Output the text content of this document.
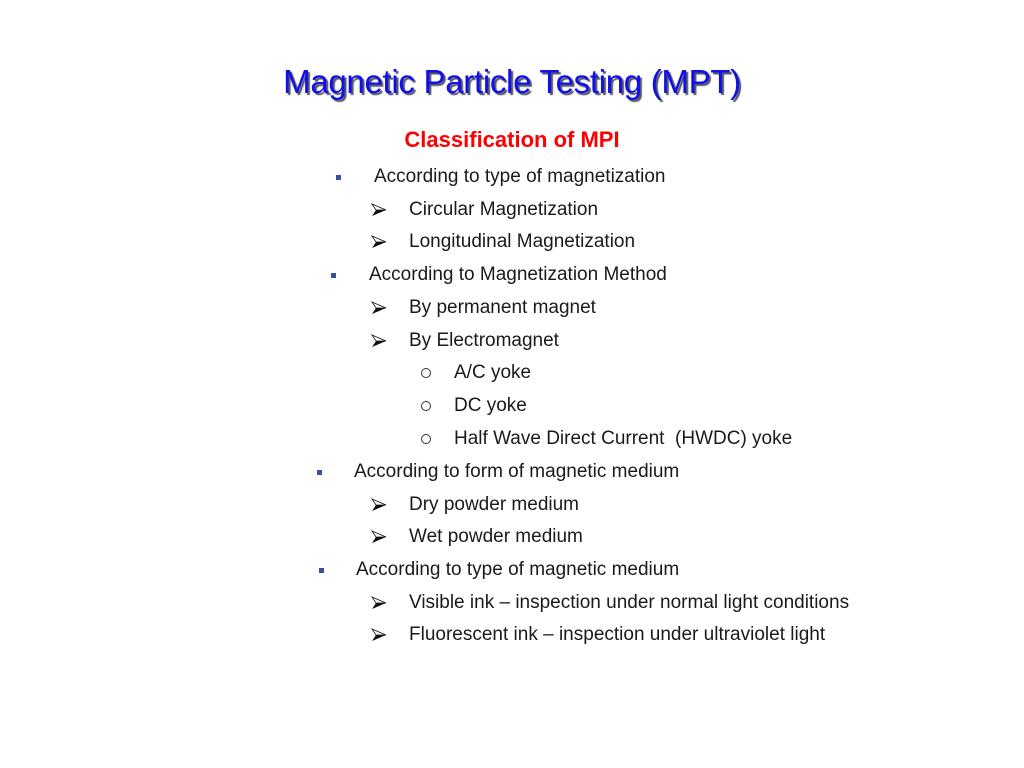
Magnetic Particle Testing (MPT)
Classification of MPI
According to type of magnetization
Circular Magnetization
Longitudinal Magnetization
According to Magnetization Method
By permanent magnet
By Electromagnet
A/C yoke
DC yoke
Half Wave Direct Current  (HWDC) yoke
According to form of magnetic medium
Dry powder medium
Wet powder medium
According to type of magnetic medium
Visible ink – inspection under normal light conditions
Fluorescent ink – inspection under ultraviolet light
